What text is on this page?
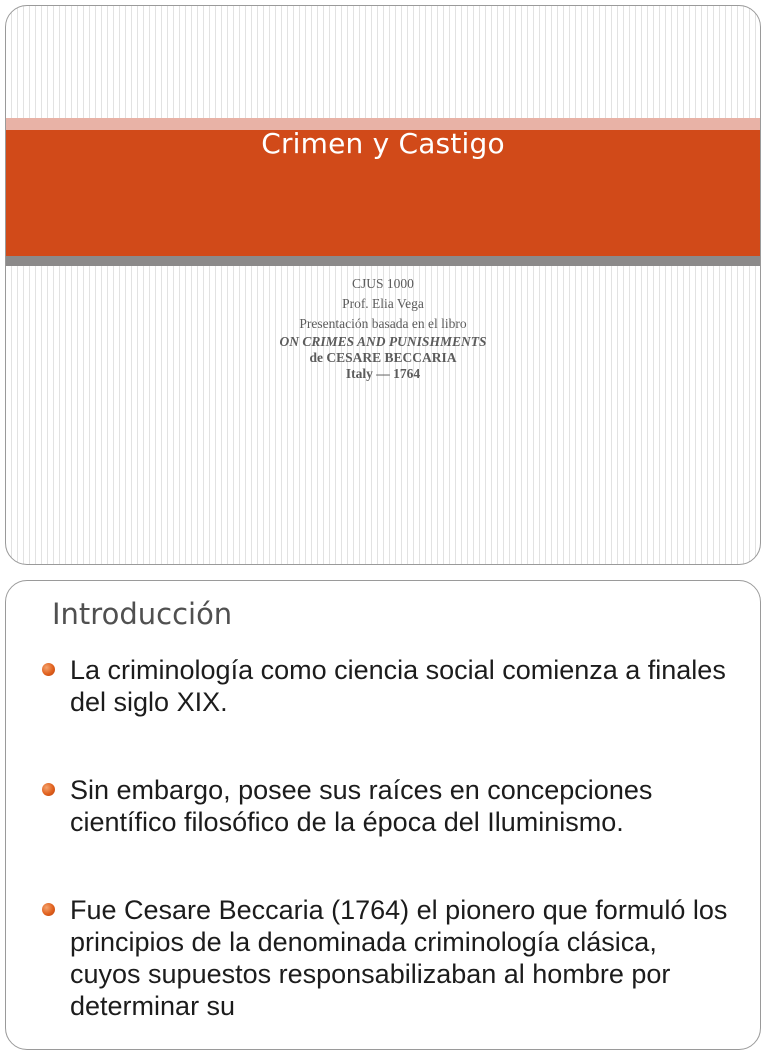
Crimen y Castigo
CJUS 1000
Prof. Elia Vega
Presentación basada en el libro
ON CRIMES AND PUNISHMENTS
de CESARE BECCARIA
Italy — 1764
Introducción
La criminología como ciencia social comienza a finales del siglo XIX.
Sin embargo, posee sus raíces en concepciones científico filosófico de la época del Iluminismo.
Fue Cesare Beccaria (1764) el pionero que formuló los principios de la denominada criminología clásica, cuyos supuestos responsabilizaban al hombre por determinar su
